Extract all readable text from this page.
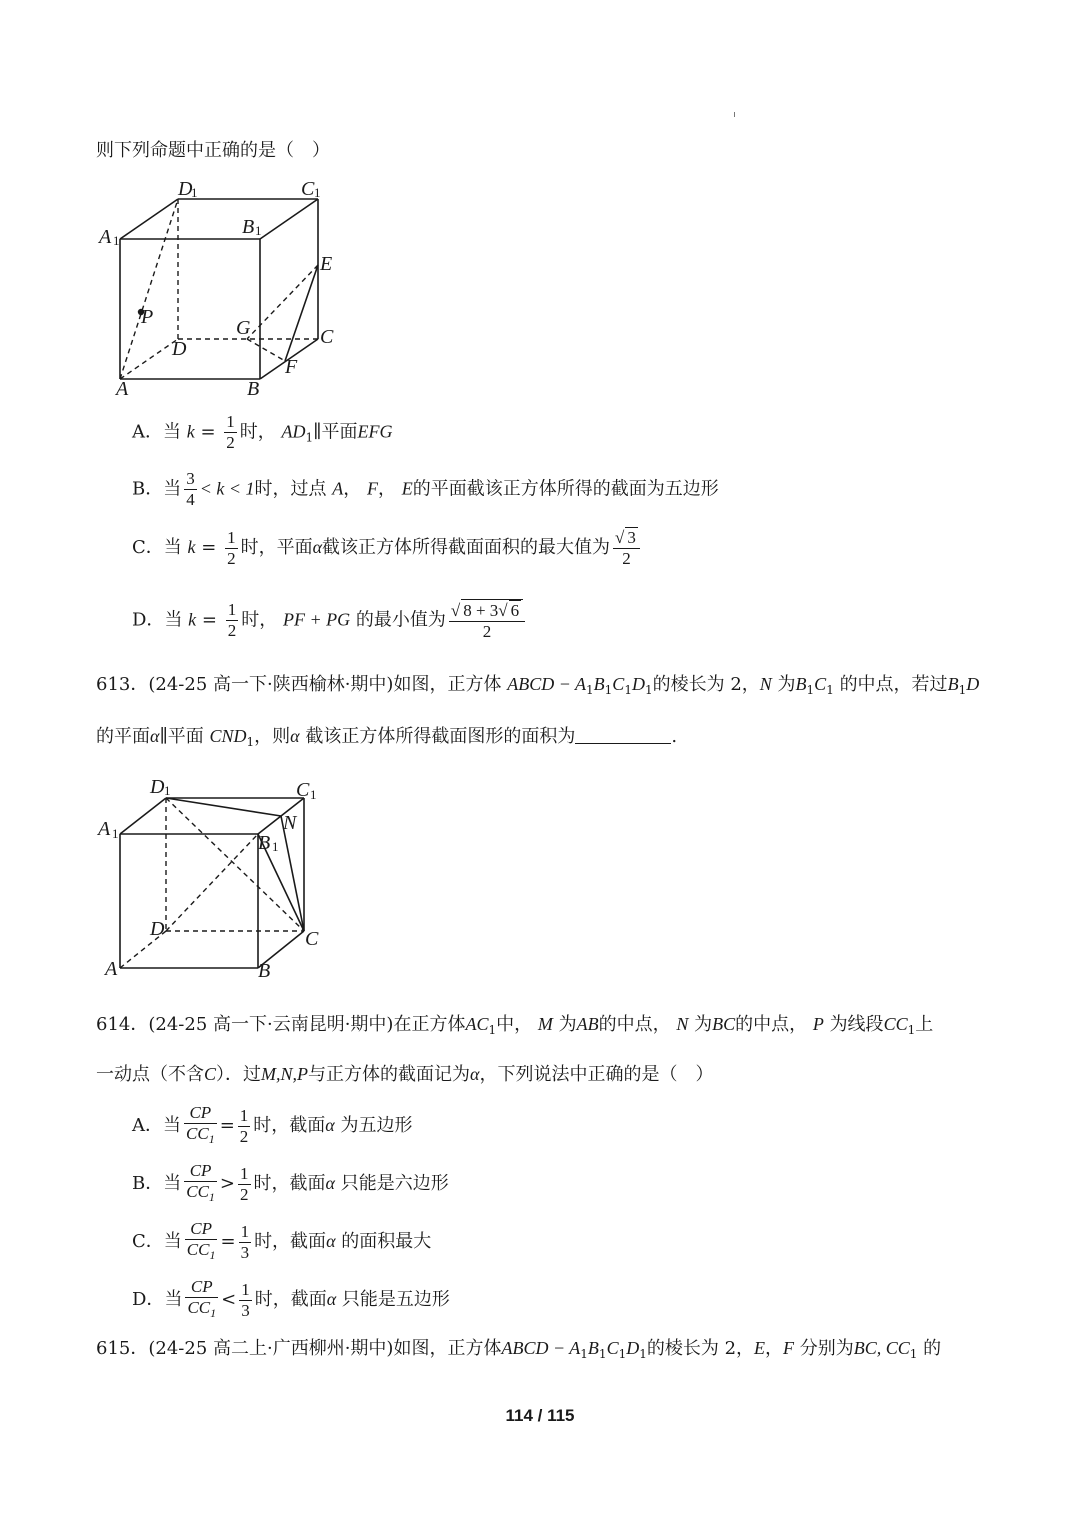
则下列命题中正确的是（　）
D
1	C 1
A 1
B 1
E
P	G	C
D
F
A	B
A．当 $k = \frac{1}{2}$ 时， $AD_1\parallel$平面EFG
B．当 $\frac{3}{4} < k < 1$时，过点 A， F， E的平面截该正方体所得的截面为五边形
C．当 $k = \frac{1}{2}$ 时，平面α截该正方体所得截面面积的最大值为 $\frac{√ 3}{2}$
D．当 $k = \frac{1}{2}$ 时， PF + PG 的最小值为 $\frac{√ 8 + 3√ 6}{2}$
613．(24-25 高一下·陕西榆林·期中)如图，正方体 ABCD − $A_1B_1C_1D_1$的棱长为 2，N 为$B_1C_1$ 的中点，若过$B_1D$
的平面α∥平面 $CND_1$，则α 截该正方体所得截面图形的面积为	.
D 1	C 1
A 1	N
B 1
D	C
A	B
614．(24-25 高一下·云南昆明·期中)在正方体$AC_1$中， M 为AB的中点， N 为BC的中点， P 为线段$CC_1$上
一动点（不含C）．过M,N,P与正方体的截面记为α，下列说法中正确的是（　）
A．当 $\frac{CP}{CC_1} = \frac{1}{2}$ 时，截面α 为五边形
B．当 $\frac{CP}{CC_1} > \frac{1}{2}$ 时，截面α 只能是六边形
C．当 $\frac{CP}{CC_1} = \frac{1}{3}$ 时，截面α 的面积最大
D．当 $\frac{CP}{CC_1} < \frac{1}{3}$ 时，截面α 只能是五边形
615．(24-25 高二上·广西柳州·期中)如图，正方体ABCD − $A_1B_1C_1D_1$的棱长为 2，E，F 分别为BC, $CC_1$ 的
114 / 115
